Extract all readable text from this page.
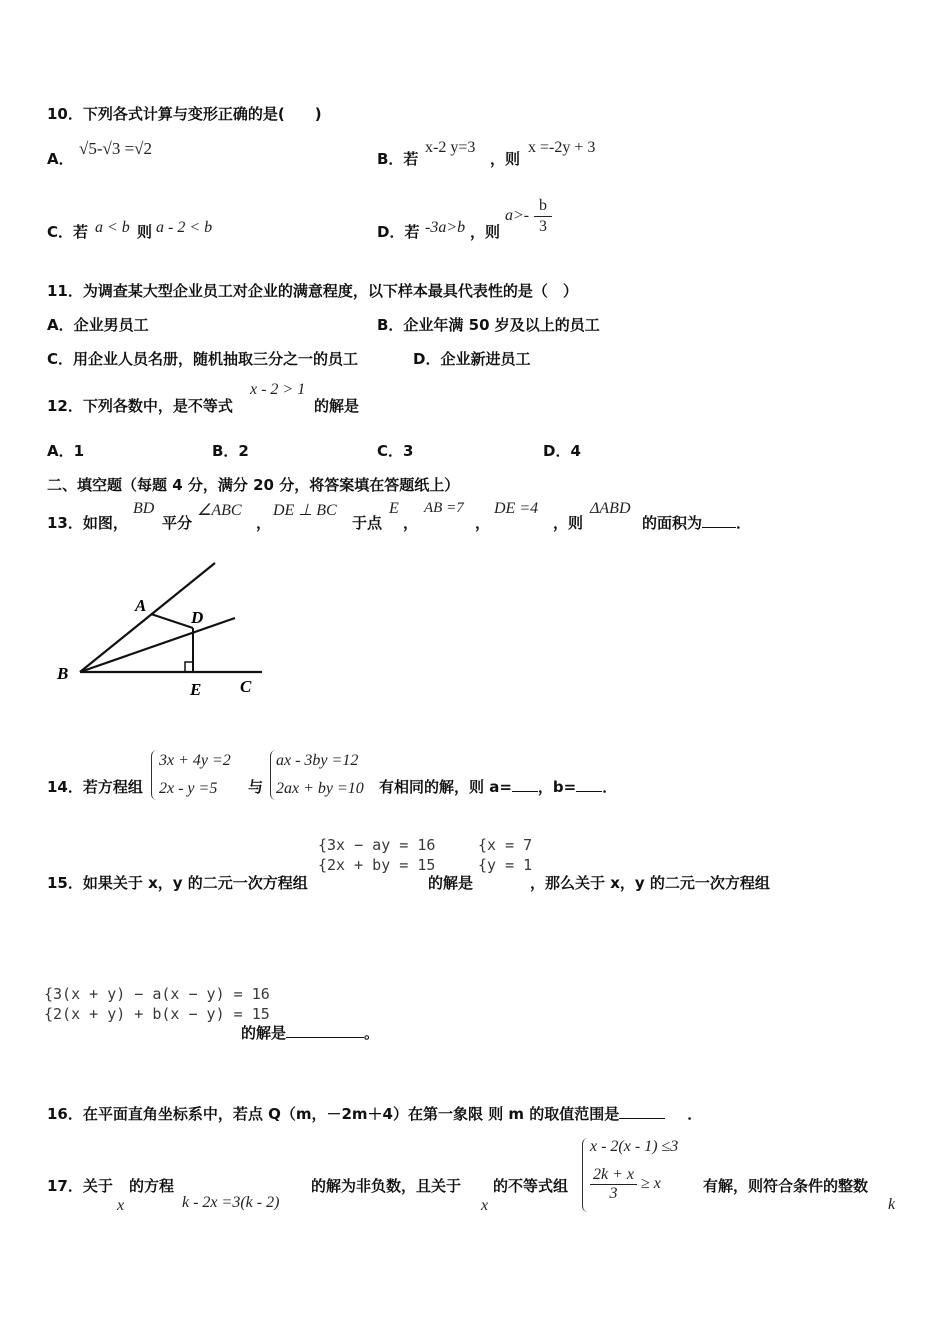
10．下列各式计算与变形正确的是(　　)
A．
√5-√3 =√2
B．若
x-2 y=3
，则
x =-2y + 3
C．若 a < b 则 a - 2 < b	D．若 -3a>b ，则
$a>- \frac{b}{3}$
11．为调查某大型企业员工对企业的满意程度，以下样本最具代表性的是（　）
A．企业男员工	B．企业年满 50 岁及以上的员工
C．用企业人员名册，随机抽取三分之一的员工	D．企业新进员工
12．下列各数中，是不等式
x - 2 > 1
的解是
A．1	B．2	C．3	D．4
二、填空题（每题 4 分，满分 20 分，将答案填在答题纸上）
13．如图，
BD
平分
∠ABC
，
DE ⊥ BC
于点
E
，
AB =7
，
DE =4
，则
ΔABD
的面积为 ．
A
B
C
D
E
14．若方程组
3x + 4y =2
2x - y =5	与
ax - 3by =12
2ax + by =10 有相同的解，则 a= ，b= ．
15．如果关于 x，y 的二元一次方程组
{3x − ay = 16
{2x + by = 15
的解是
{x = 7
{y = 1
，那么关于 x，y 的二元一次方程组
{3(x + y) − a(x − y) = 16
{2(x + y) + b(x − y) = 15
的解是	。
16．在平面直角坐标系中，若点 Q（m，－2m＋4）在第一象限 则 m 的取值范围是	．
17．关于
x
的方程
k - 2x =3(k - 2)
的解为非负数，且关于
x
的不等式组
x - 2(x - 1) ≤3
$\frac{2k + x}{3} \ge x$	有解，则符合条件的整数
k
